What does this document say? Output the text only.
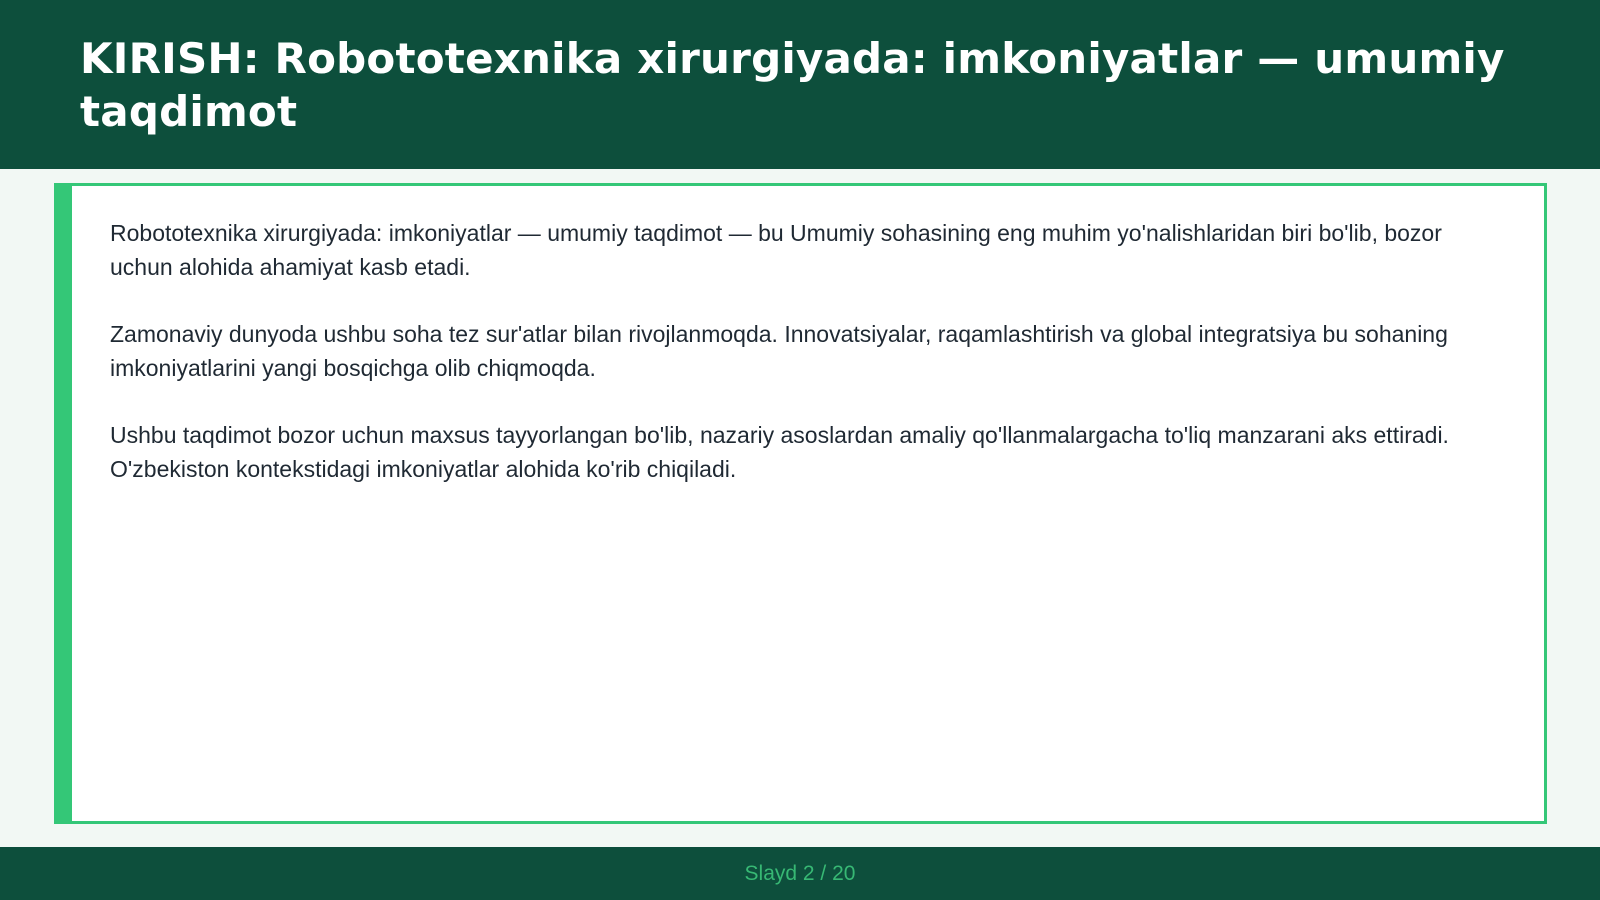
KIRISH: Robototexnika xirurgiyada: imkoniyatlar — umumiy taqdimot

Robototexnika xirurgiyada: imkoniyatlar — umumiy taqdimot — bu Umumiy sohasining eng muhim yo'nalishlaridan biri bo'lib, bozor uchun alohida ahamiyat kasb etadi.

Zamonaviy dunyoda ushbu soha tez sur'atlar bilan rivojlanmoqda. Innovatsiyalar, raqamlashtirish va global integratsiya bu sohaning imkoniyatlarini yangi bosqichga olib chiqmoqda.

Ushbu taqdimot bozor uchun maxsus tayyorlangan bo'lib, nazariy asoslardan amaliy qo'llanmalargacha to'liq manzarani aks ettiradi. O'zbekiston kontekstidagi imkoniyatlar alohida ko'rib chiqiladi.

Slayd 2 / 20
